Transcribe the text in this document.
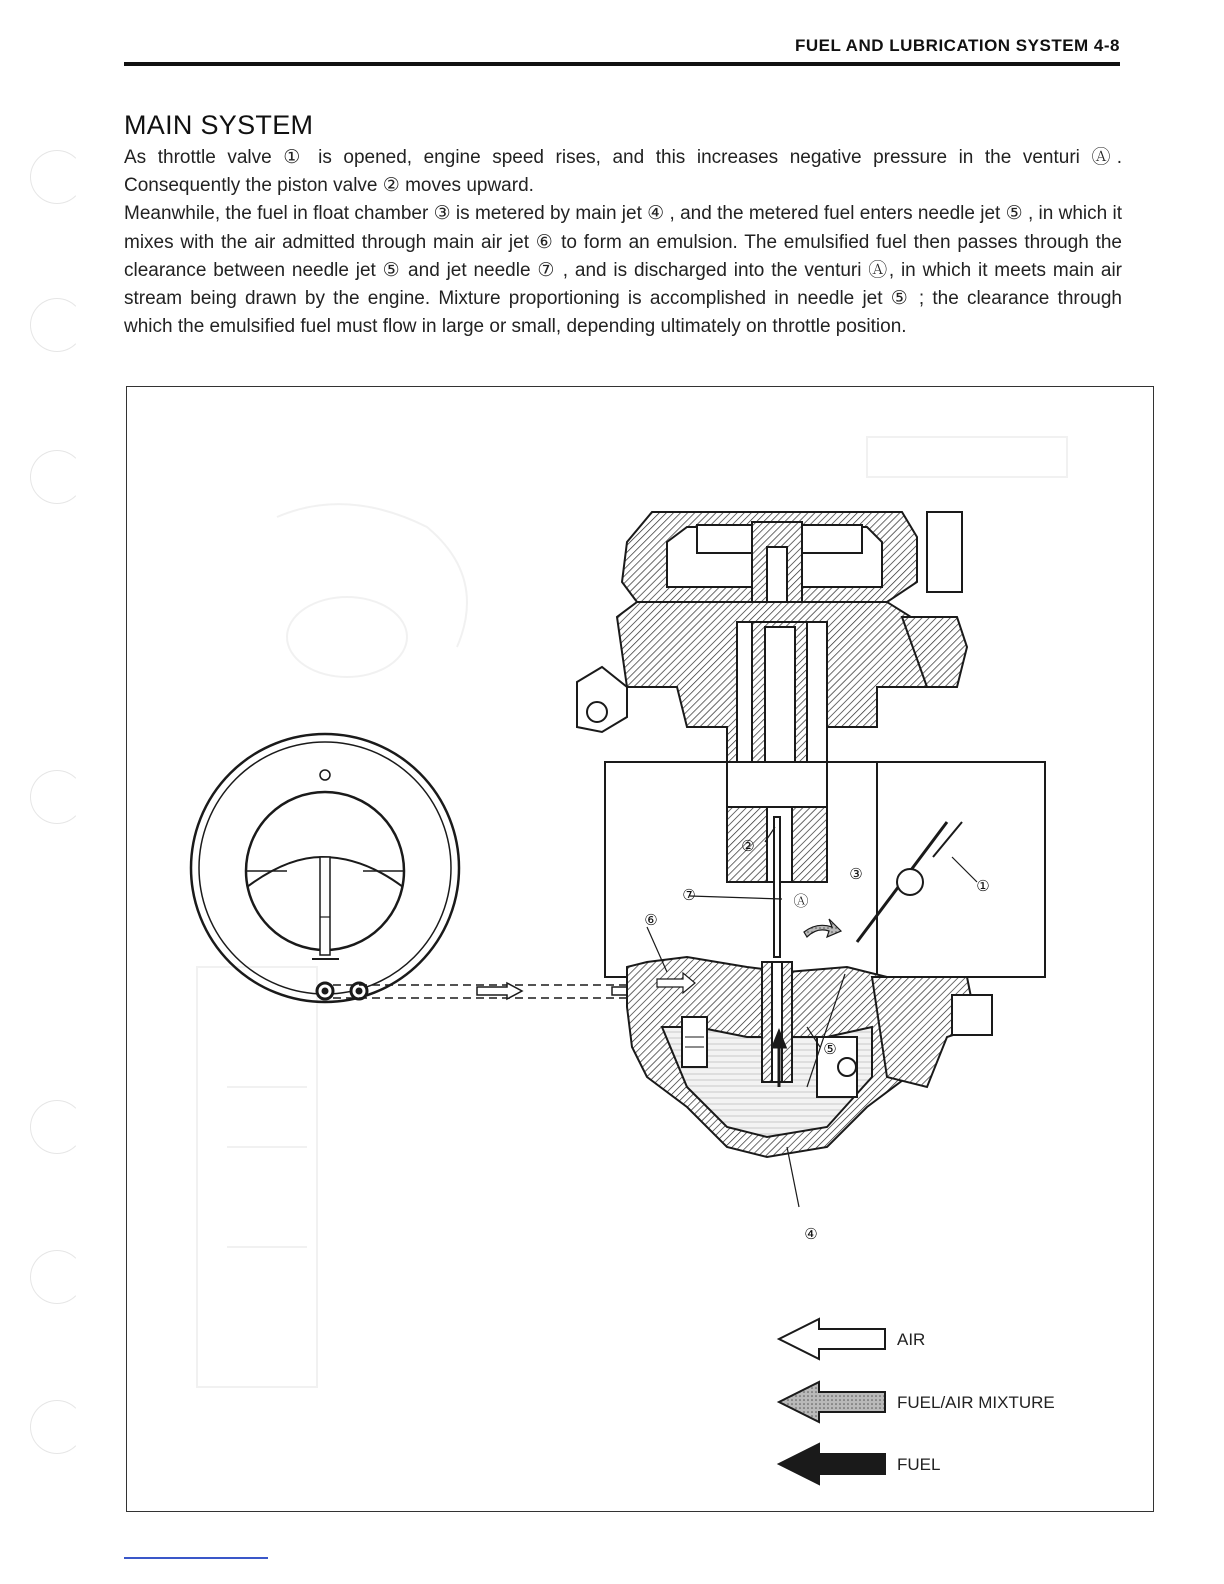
FUEL AND LUBRICATION SYSTEM 4-8
MAIN SYSTEM

As throttle valve ① is opened, engine speed rises, and this increases negative pressure in the venturi Ⓐ. Consequently the piston valve ② moves upward.

Meanwhile, the fuel in float chamber ③ is metered by main jet ④ , and the metered fuel enters needle jet ⑤ , in which it mixes with the air admitted through main air jet ⑥ to form an emulsion. The emulsified fuel then passes through the clearance between needle jet ⑤ and jet needle ⑦ , and is discharged into the venturi Ⓐ, in which it meets main air stream being drawn by the engine. Mixture proportioning is accomplished in needle jet ⑤ ; the clearance through which the emulsified fuel must flow in large or small, depending ultimately on throttle position.

①
②
③
④
⑤
⑥
⑦	Ⓐ
AIR
FUEL/AIR MIXTURE
FUEL
